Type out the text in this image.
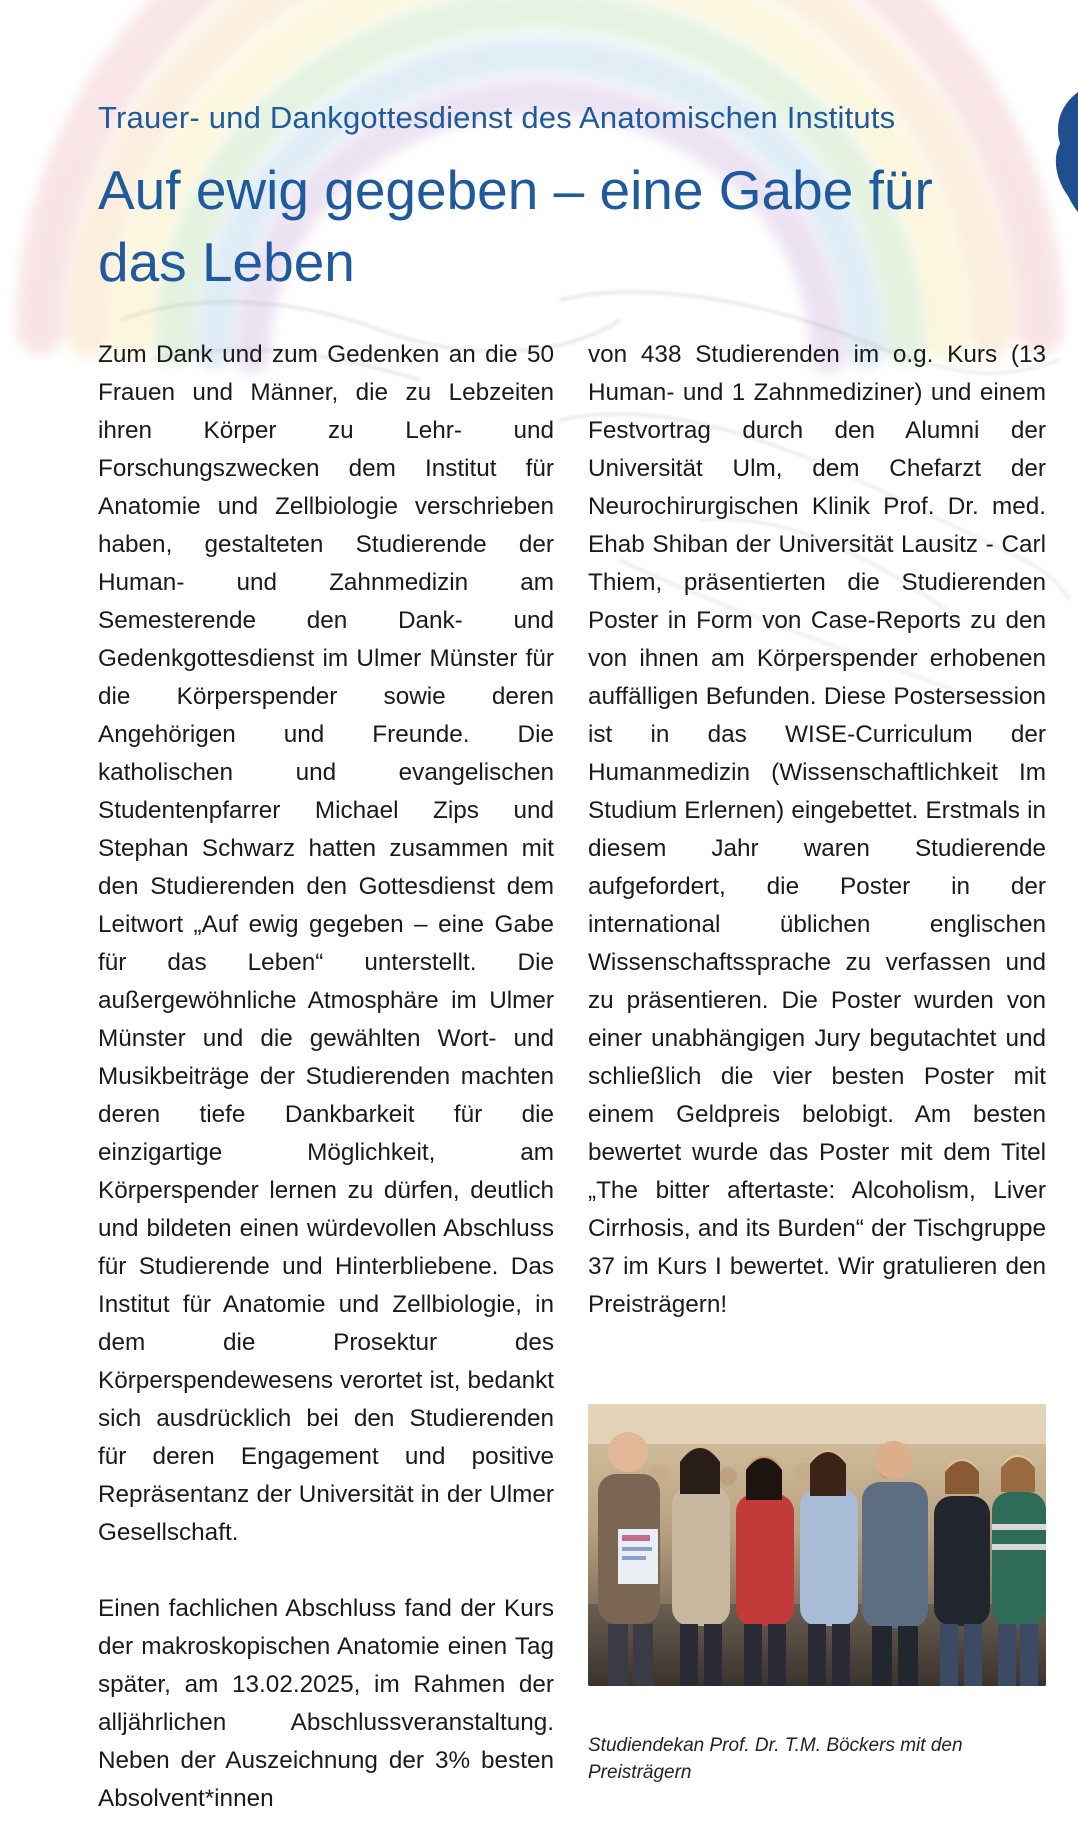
Trauer- und Dankgottesdienst des Anatomischen Instituts
Auf ewig gegeben – eine Gabe für das Leben

Zum Dank und zum Gedenken an die 50 Frauen und Männer, die zu Lebzeiten ihren Körper zu Lehr- und Forschungszwecken dem Institut für Anatomie und Zellbiologie verschrieben haben, gestalteten Studierende der Human- und Zahnmedizin am Semesterende den Dank- und Gedenkgottesdienst im Ulmer Münster für die Körperspender sowie deren Angehörigen und Freunde. Die katholischen und evangelischen Studentenpfarrer Michael Zips und Stephan Schwarz hatten zusammen mit den Studierenden den Gottesdienst dem Leitwort „Auf ewig gegeben – eine Gabe für das Leben“ unterstellt. Die außergewöhnliche Atmosphäre im Ulmer Münster und die gewählten Wort- und Musikbeiträge der Studierenden machten deren tiefe Dankbarkeit für die einzigartige Möglichkeit, am Körperspender lernen zu dürfen, deutlich und bildeten einen würdevollen Abschluss für Studierende und Hinterbliebene. Das Institut für Anatomie und Zellbiologie, in dem die Prosektur des Körperspendewesens verortet ist, bedankt sich ausdrücklich bei den Studierenden für deren Engagement und positive Repräsentanz der Universität in der Ulmer Gesellschaft.

Einen fachlichen Abschluss fand der Kurs der makroskopischen Anatomie einen Tag später, am 13.02.2025, im Rahmen der alljährlichen Abschlussveranstaltung. Neben der Auszeichnung der 3% besten Absolvent*innen

von 438 Studierenden im o.g. Kurs (13 Human- und 1 Zahnmediziner) und einem Festvortrag durch den Alumni der Universität Ulm, dem Chefarzt der Neurochirurgischen Klinik Prof. Dr. med. Ehab Shiban der Universität Lausitz - Carl Thiem, präsentierten die Studierenden Poster in Form von Case-Reports zu den von ihnen am Körperspender erhobenen auffälligen Befunden. Diese Postersession ist in das WISE-Curriculum der Humanmedizin (Wissenschaftlichkeit Im Studium Erlernen) eingebettet. Erstmals in diesem Jahr waren Studierende aufgefordert, die Poster in der international üblichen englischen Wissenschaftssprache zu verfassen und zu präsentieren. Die Poster wurden von einer unabhängigen Jury begutachtet und schließlich die vier besten Poster mit einem Geldpreis belobigt. Am besten bewertet wurde das Poster mit dem Titel „The bitter aftertaste: Alcoholism, Liver Cirrhosis, and its Burden“ der Tischgruppe 37 im Kurs I bewertet. Wir gratulieren den Preisträgern!

Studiendekan Prof. Dr. T.M. Böckers mit den Preisträgern
